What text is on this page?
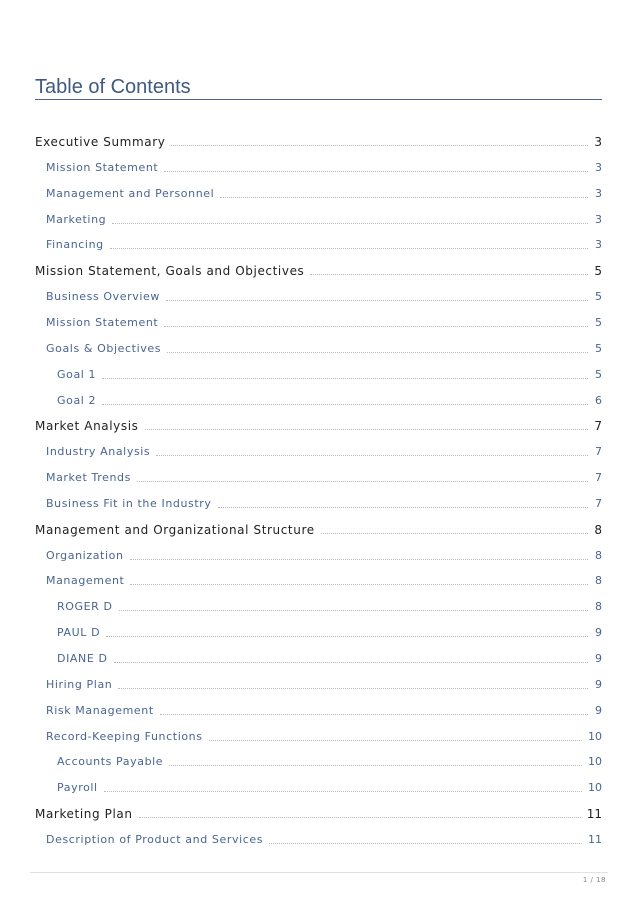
Table of Contents
Executive Summary	3
Mission Statement	3
Management and Personnel	3
Marketing	3
Financing	3
Mission Statement, Goals and Objectives	5
Business Overview	5
Mission Statement	5
Goals & Objectives	5
Goal 1	5
Goal 2	6
Market Analysis	7
Industry Analysis	7
Market Trends	7
Business Fit in the Industry	7
Management and Organizational Structure	8
Organization	8
Management	8
ROGER D	8
PAUL D	9
DIANE D	9
Hiring Plan	9
Risk Management	9
Record-Keeping Functions	10
Accounts Payable	10
Payroll	10
Marketing Plan	11
Description of Product and Services	11
1 / 18
